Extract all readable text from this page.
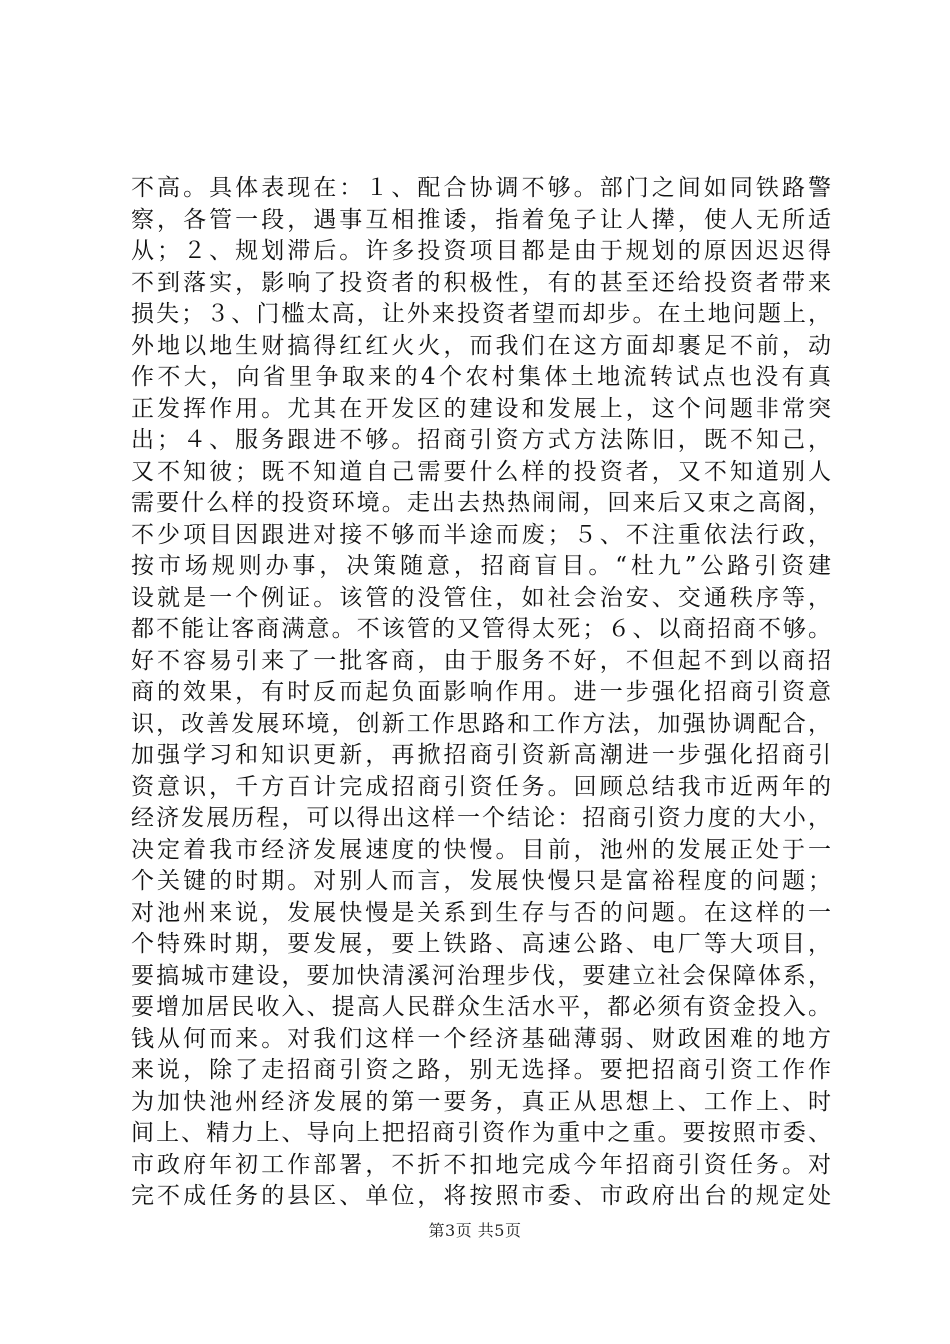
不高。具体表现在：１、配合协调不够。部门之间如同铁路警
察，各管一段，遇事互相推诿，指着兔子让人撵，使人无所适
从；２、规划滞后。许多投资项目都是由于规划的原因迟迟得
不到落实，影响了投资者的积极性，有的甚至还给投资者带来
损失；３、门槛太高，让外来投资者望而却步。在土地问题上，
外地以地生财搞得红红火火，而我们在这方面却裹足不前，动
作不大，向省里争取来的4个农村集体土地流转试点也没有真
正发挥作用。尤其在开发区的建设和发展上，这个问题非常突
出；４、服务跟进不够。招商引资方式方法陈旧，既不知己，
又不知彼；既不知道自己需要什么样的投资者，又不知道别人
需要什么样的投资环境。走出去热热闹闹，回来后又束之高阁，
不少项目因跟进对接不够而半途而废；５、不注重依法行政，
按市场规则办事，决策随意，招商盲目。“杜九”公路引资建
设就是一个例证。该管的没管住，如社会治安、交通秩序等，
都不能让客商满意。不该管的又管得太死；６、以商招商不够。
好不容易引来了一批客商，由于服务不好，不但起不到以商招
商的效果，有时反而起负面影响作用。进一步强化招商引资意
识，改善发展环境，创新工作思路和工作方法，加强协调配合，
加强学习和知识更新，再掀招商引资新高潮进一步强化招商引
资意识，千方百计完成招商引资任务。回顾总结我市近两年的
经济发展历程，可以得出这样一个结论：招商引资力度的大小，
决定着我市经济发展速度的快慢。目前，池州的发展正处于一
个关键的时期。对别人而言，发展快慢只是富裕程度的问题；
对池州来说，发展快慢是关系到生存与否的问题。在这样的一
个特殊时期，要发展，要上铁路、高速公路、电厂等大项目，
要搞城市建设，要加快清溪河治理步伐，要建立社会保障体系，
要增加居民收入、提高人民群众生活水平，都必须有资金投入。
钱从何而来。对我们这样一个经济基础薄弱、财政困难的地方
来说，除了走招商引资之路，别无选择。要把招商引资工作作
为加快池州经济发展的第一要务，真正从思想上、工作上、时
间上、精力上、导向上把招商引资作为重中之重。要按照市委、
市政府年初工作部署，不折不扣地完成今年招商引资任务。对
完不成任务的县区、单位，将按照市委、市政府出台的规定处
第3页 共5页
